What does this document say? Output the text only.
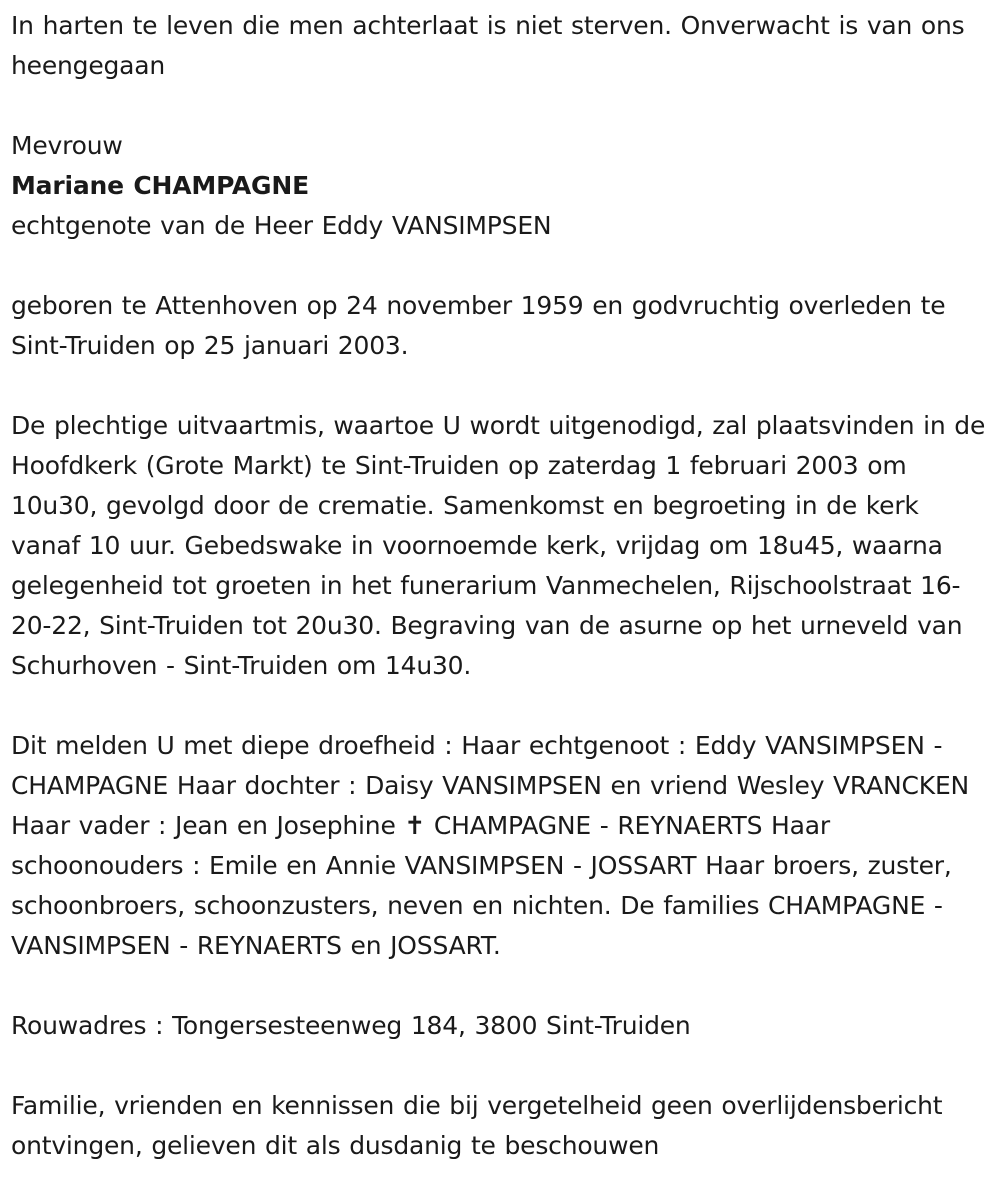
In harten te leven die men achterlaat is niet sterven. Onverwacht is van ons heengegaan

Mevrouw

Mariane CHAMPAGNE

echtgenote van de Heer Eddy VANSIMPSEN

geboren te Attenhoven op 24 november 1959 en godvruchtig overleden te Sint-Truiden op 25 januari 2003.

De plechtige uitvaartmis, waartoe U wordt uitgenodigd, zal plaatsvinden in de Hoofdkerk (Grote Markt) te Sint-Truiden op zaterdag 1 februari 2003 om 10u30, gevolgd door de crematie. Samenkomst en begroeting in de kerk vanaf 10 uur. Gebedswake in voornoemde kerk, vrijdag om 18u45, waarna gelegenheid tot groeten in het funerarium Vanmechelen, Rijschoolstraat 16-20-22, Sint-Truiden tot 20u30. Begraving van de asurne op het urneveld van Schurhoven - Sint-Truiden om 14u30.

Dit melden U met diepe droefheid : Haar echtgenoot : Eddy VANSIMPSEN - CHAMPAGNE Haar dochter : Daisy VANSIMPSEN en vriend Wesley VRANCKEN Haar vader : Jean en Josephine ✝ CHAMPAGNE - REYNAERTS Haar schoonouders : Emile en Annie VANSIMPSEN - JOSSART Haar broers, zuster, schoonbroers, schoonzusters, neven en nichten. De families CHAMPAGNE - VANSIMPSEN - REYNAERTS en JOSSART.

Rouwadres : Tongersesteenweg 184, 3800 Sint-Truiden

Familie, vrienden en kennissen die bij vergetelheid geen overlijdensbericht ontvingen, gelieven dit als dusdanig te beschouwen
